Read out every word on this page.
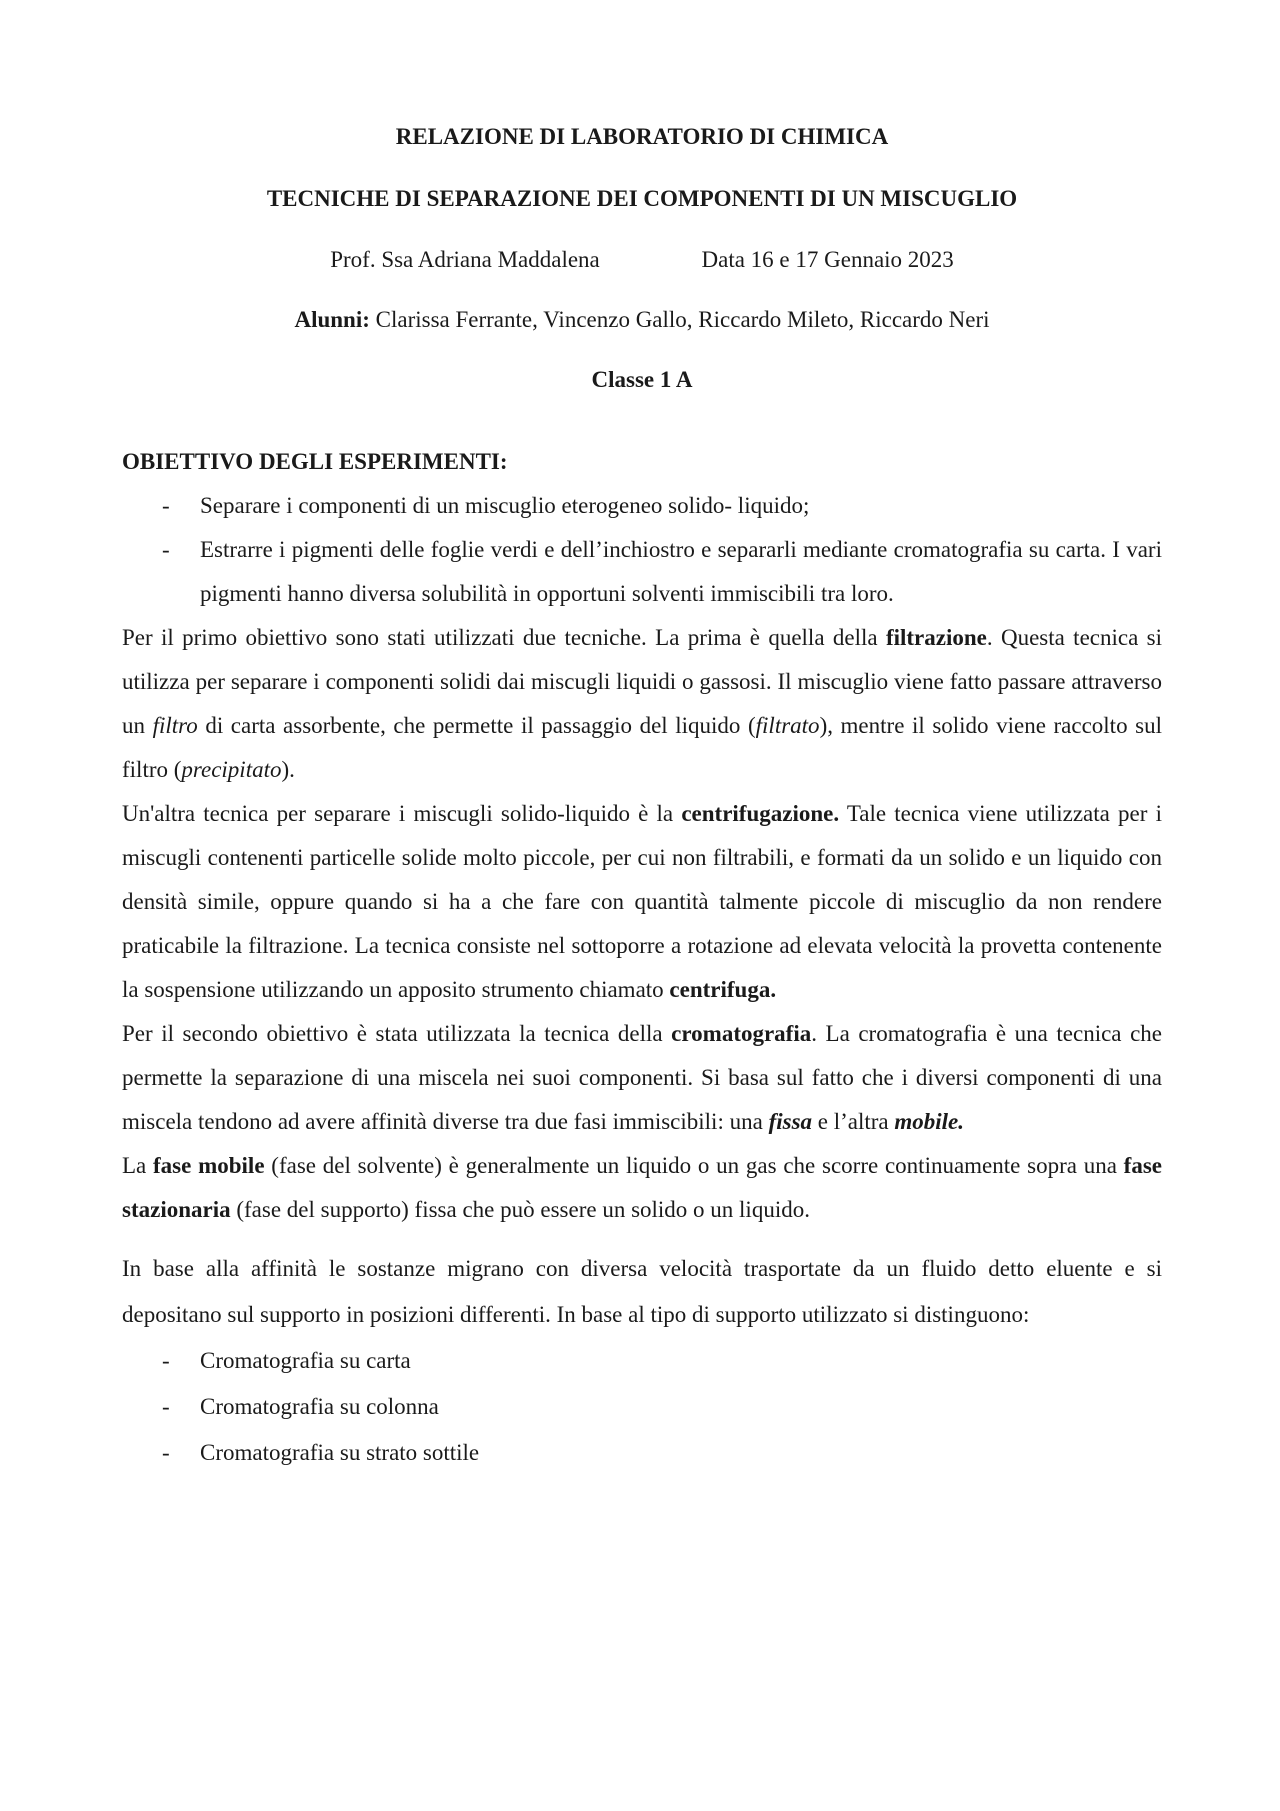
RELAZIONE DI LABORATORIO DI CHIMICA
TECNICHE DI SEPARAZIONE DEI COMPONENTI DI UN MISCUGLIO
Prof. Ssa Adriana Maddalena	Data 16 e 17 Gennaio 2023
Alunni: Clarissa Ferrante, Vincenzo Gallo, Riccardo Mileto, Riccardo Neri
Classe 1 A
OBIETTIVO DEGLI ESPERIMENTI:
- Separare i componenti di un miscuglio eterogeneo solido- liquido;
- Estrarre i pigmenti delle foglie verdi e dell’inchiostro e separarli mediante cromatografia su carta. I vari pigmenti hanno diversa solubilità in opportuni solventi immiscibili tra loro.

Per il primo obiettivo sono stati utilizzati due tecniche. La prima è quella della filtrazione. Questa tecnica si utilizza per separare i componenti solidi dai miscugli liquidi o gassosi. Il miscuglio viene fatto passare attraverso un filtro di carta assorbente, che permette il passaggio del liquido (filtrato), mentre il solido viene raccolto sul filtro (precipitato).

Un'altra tecnica per separare i miscugli solido-liquido è la centrifugazione. Tale tecnica viene utilizzata per i miscugli contenenti particelle solide molto piccole, per cui non filtrabili, e formati da un solido e un liquido con densità simile, oppure quando si ha a che fare con quantità talmente piccole di miscuglio da non rendere praticabile la filtrazione. La tecnica consiste nel sottoporre a rotazione ad elevata velocità la provetta contenente la sospensione utilizzando un apposito strumento chiamato centrifuga.

Per il secondo obiettivo è stata utilizzata la tecnica della cromatografia. La cromatografia è una tecnica che permette la separazione di una miscela nei suoi componenti. Si basa sul fatto che i diversi componenti di una miscela tendono ad avere affinità diverse tra due fasi immiscibili: una fissa e l’altra mobile.

La fase mobile (fase del solvente) è generalmente un liquido o un gas che scorre continuamente sopra una fase stazionaria (fase del supporto) fissa che può essere un solido o un liquido.

In base alla affinità le sostanze migrano con diversa velocità trasportate da un fluido detto eluente e si depositano sul supporto in posizioni differenti. In base al tipo di supporto utilizzato si distinguono:

- Cromatografia su carta
- Cromatografia su colonna
- Cromatografia su strato sottile
